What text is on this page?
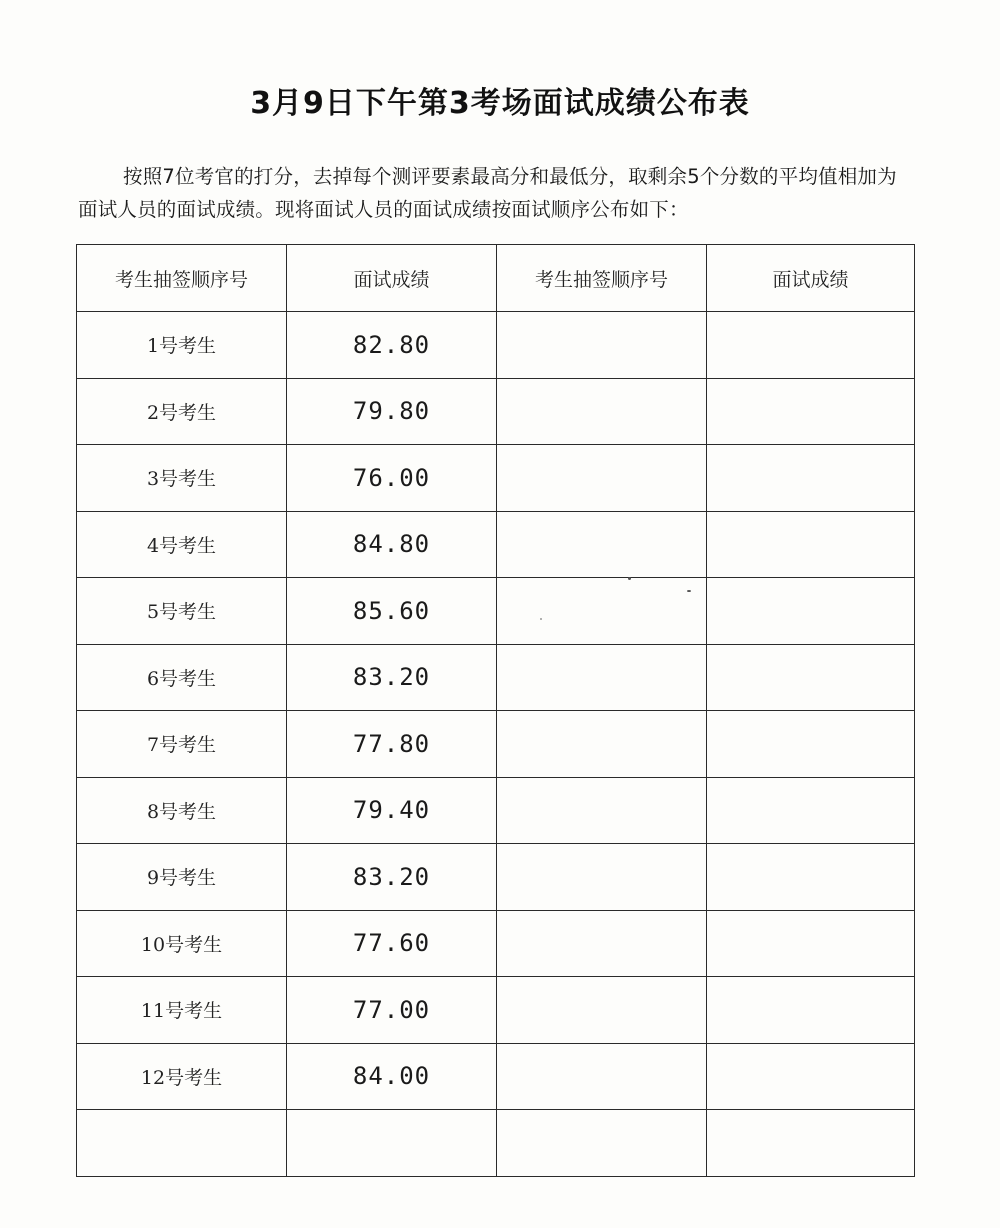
3月9日下午第3考场面试成绩公布表
按照7位考官的打分，去掉每个测评要素最高分和最低分，取剩余5个分数的平均值相加为面试人员的面试成绩。现将面试人员的面试成绩按面试顺序公布如下：
考生抽签顺序号	面试成绩	考生抽签顺序号	面试成绩
1号考生	82.80		
2号考生	79.80		
3号考生	76.00		
4号考生	84.80		
5号考生	85.60		
6号考生	83.20		
7号考生	77.80		
8号考生	79.40		
9号考生	83.20		
10号考生	77.60		
11号考生	77.00		
12号考生	84.00		
